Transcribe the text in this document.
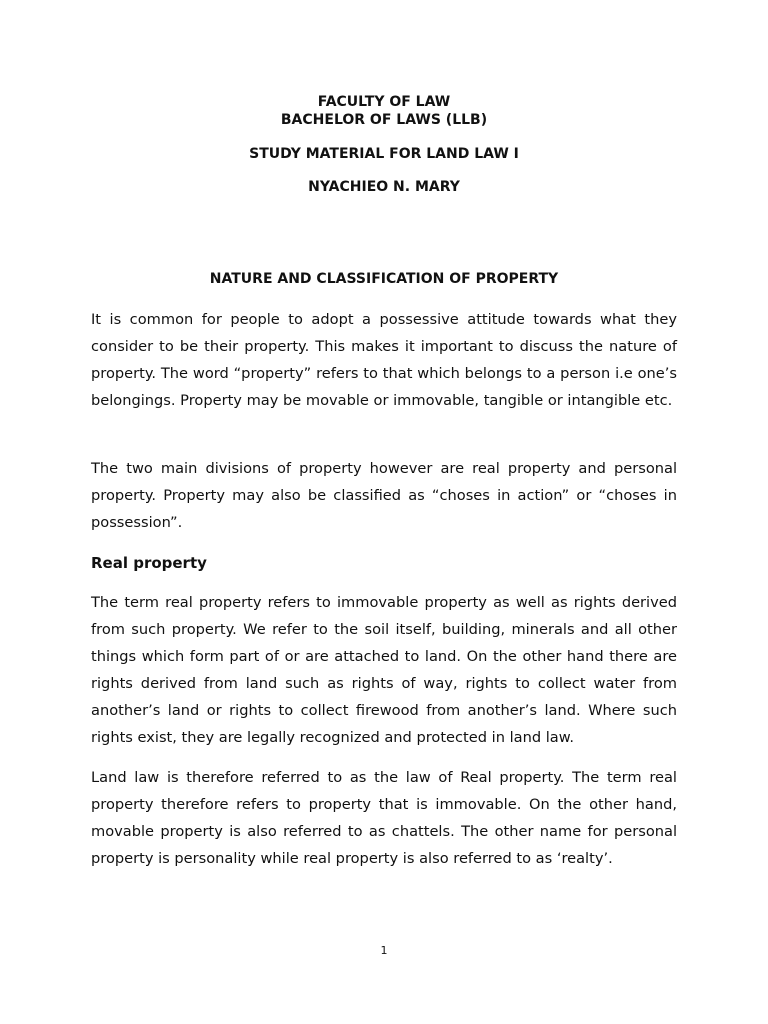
FACULTY OF LAW

BACHELOR OF LAWS (LLB)

STUDY MATERIAL FOR LAND LAW I

NYACHIEO N. MARY

NATURE AND CLASSIFICATION OF PROPERTY

It is common for people to adopt a possessive attitude towards what they consider to be their property. This makes it important to discuss the nature of property. The word “property” refers to that which belongs to a person i.e one’s belongings. Property may be movable or immovable, tangible or intangible etc.

The two main divisions of property however are real property and personal property. Property may also be classified as “choses in action” or “choses in possession”.

Real property

The term real property refers to immovable property as well as rights derived from such property. We refer to the soil itself, building, minerals and all other things which form part of or are attached to land. On the other hand there are rights derived from land such as rights of way, rights to collect water from another’s land or rights to collect firewood from another’s land. Where such rights exist, they are legally recognized and protected in land law.

Land law is therefore referred to as the law of Real property. The term real property therefore refers to property that is immovable. On the other hand, movable property is also referred to as chattels. The other name for personal property is personality while real property is also referred to as ‘realty’.

1
